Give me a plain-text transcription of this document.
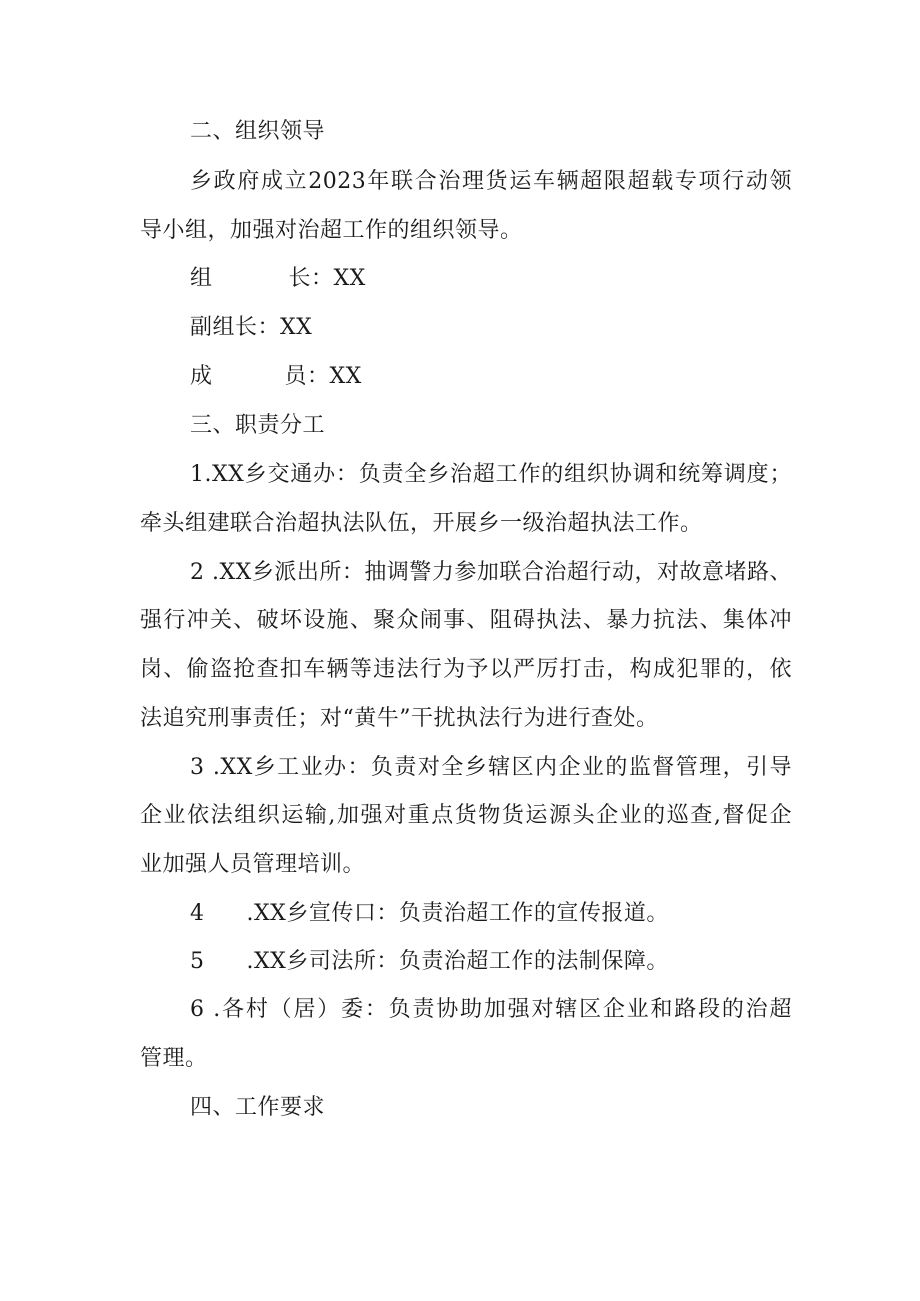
二、组织领导
乡政府成立2023年联合治理货运车辆超限超载专项行动领
导小组，加强对治超工作的组织领导。
组	长：XX
副组长：XX
成	员：XX
三、职责分工
1.XX乡交通办：负责全乡治超工作的组织协调和统筹调度；
牵头组建联合治超执法队伍，开展乡一级治超执法工作。
2 .XX乡派出所：抽调警力参加联合治超行动，对故意堵路、
强行冲关、破坏设施、聚众闹事、阻碍执法、暴力抗法、集体冲
岗、偷盗抢查扣车辆等违法行为予以严厉打击，构成犯罪的，依
法追究刑事责任；对“黄牛”干扰执法行为进行查处。
3 .XX乡工业办：负责对全乡辖区内企业的监督管理，引导
企业依法组织运输,加强对重点货物货运源头企业的巡查,督促企
业加强人员管理培训。
4 .XX乡宣传口：负责治超工作的宣传报道。
5 .XX乡司法所：负责治超工作的法制保障。
6 .各村（居）委：负责协助加强对辖区企业和路段的治超
管理。
四、工作要求
